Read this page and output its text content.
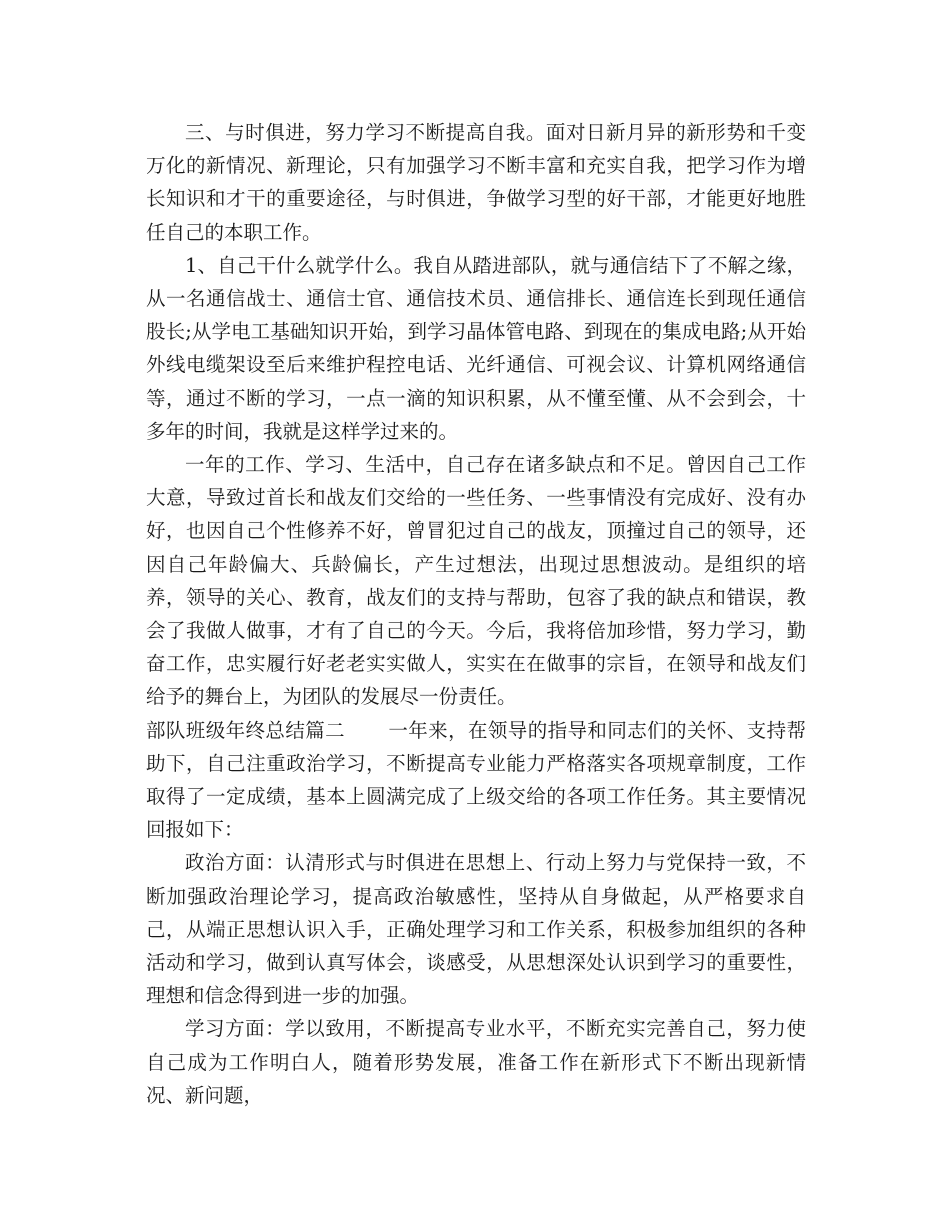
三、与时俱进，努力学习不断提高自我。面对日新月异的新形势和千变万化的新情况、新理论，只有加强学习不断丰富和充实自我，把学习作为增长知识和才干的重要途径，与时俱进，争做学习型的好干部，才能更好地胜任自己的本职工作。

1、自己干什么就学什么。我自从踏进部队，就与通信结下了不解之缘，从一名通信战士、通信士官、通信技术员、通信排长、通信连长到现任通信股长;从学电工基础知识开始，到学习晶体管电路、到现在的集成电路;从开始外线电缆架设至后来维护程控电话、光纤通信、可视会议、计算机网络通信等，通过不断的学习，一点一滴的知识积累，从不懂至懂、从不会到会，十多年的时间，我就是这样学过来的。

一年的工作、学习、生活中，自己存在诸多缺点和不足。曾因自己工作大意，导致过首长和战友们交给的一些任务、一些事情没有完成好、没有办好，也因自己个性修养不好，曾冒犯过自己的战友，顶撞过自己的领导，还因自己年龄偏大、兵龄偏长，产生过想法，出现过思想波动。是组织的培养，领导的关心、教育，战友们的支持与帮助，包容了我的缺点和错误，教会了我做人做事，才有了自己的今天。今后，我将倍加珍惜，努力学习，勤奋工作，忠实履行好老老实实做人，实实在在做事的宗旨，在领导和战友们给予的舞台上，为团队的发展尽一份责任。

部队班级年终总结篇二 一年来，在领导的指导和同志们的关怀、支持帮助下，自己注重政治学习，不断提高专业能力严格落实各项规章制度，工作取得了一定成绩，基本上圆满完成了上级交给的各项工作任务。其主要情况回报如下：

政治方面：认清形式与时俱进在思想上、行动上努力与党保持一致，不断加强政治理论学习，提高政治敏感性，坚持从自身做起，从严格要求自己，从端正思想认识入手，正确处理学习和工作关系，积极参加组织的各种活动和学习，做到认真写体会，谈感受，从思想深处认识到学习的重要性，理想和信念得到进一步的加强。

学习方面：学以致用，不断提高专业水平，不断充实完善自己，努力使自己成为工作明白人，随着形势发展，准备工作在新形式下不断出现新情况、新问题，
